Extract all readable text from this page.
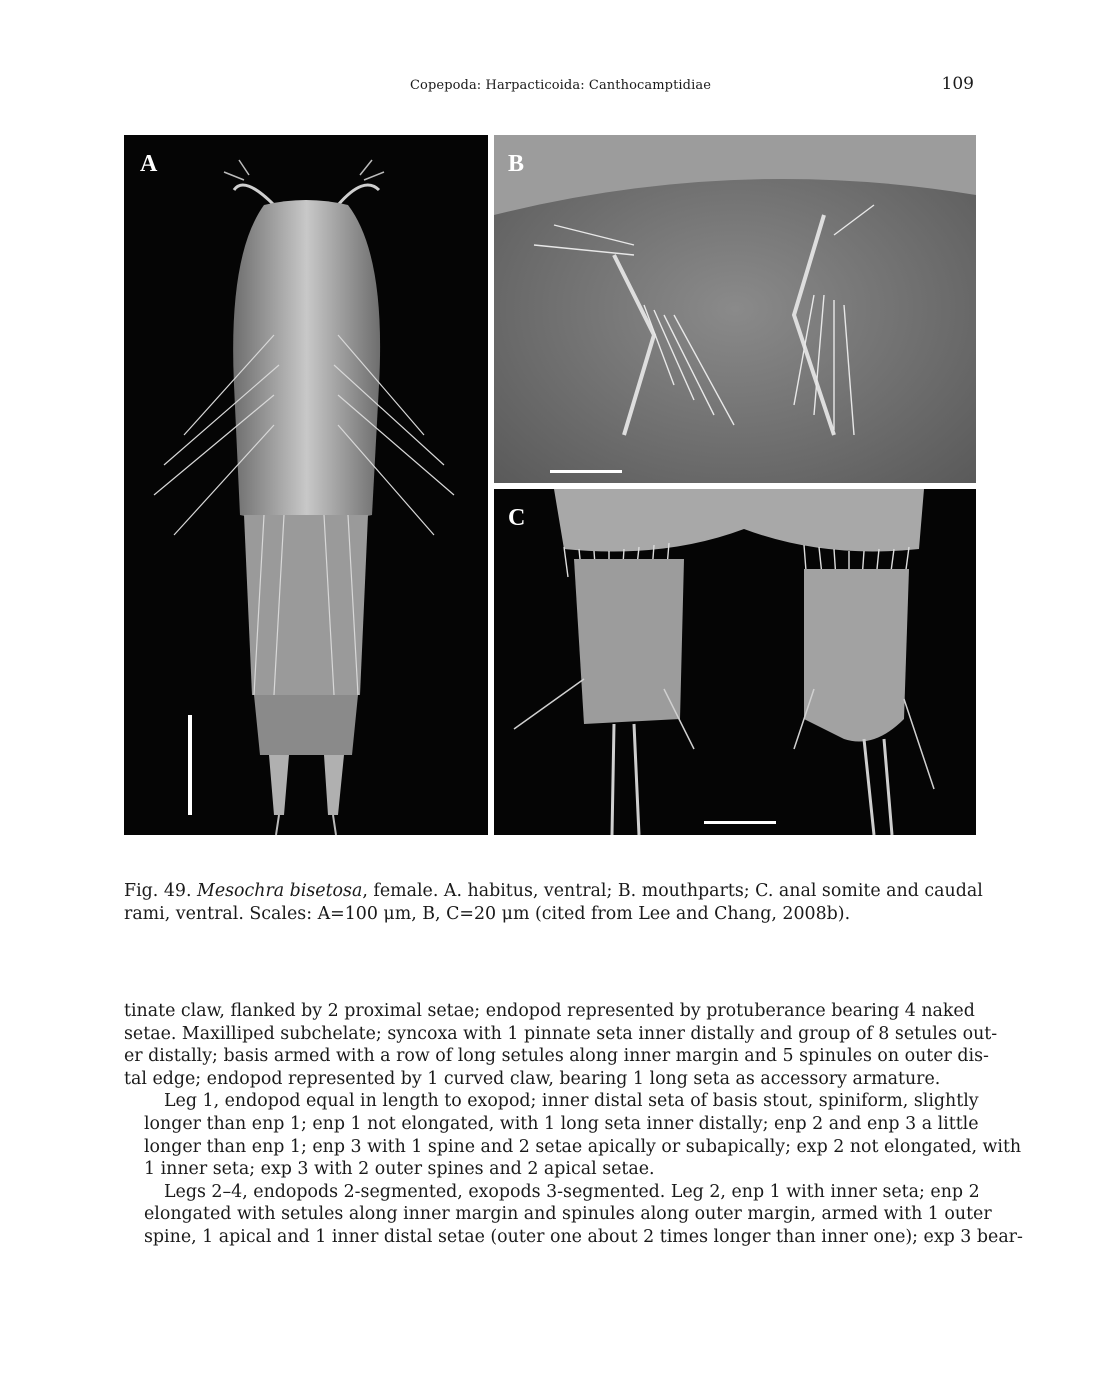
Copepoda: Harpacticoida: Canthocamptidiae	109
A	B
C

Fig. 49. Mesochra bisetosa, female. A. habitus, ventral; B. mouthparts; C. anal somite and caudal
rami, ventral. Scales: A=100 μm, B, C=20 μm (cited from Lee and Chang, 2008b).

tinate claw, flanked by 2 proximal setae; endopod represented by protuberance bearing 4 naked
setae. Maxilliped subchelate; syncoxa with 1 pinnate seta inner distally and group of 8 setules out-
er distally; basis armed with a row of long setules along inner margin and 5 spinules on outer dis-
tal edge; endopod represented by 1 curved claw, bearing 1 long seta as accessory armature.

Leg 1, endopod equal in length to exopod; inner distal seta of basis stout, spiniform, slightly
longer than enp 1; enp 1 not elongated, with 1 long seta inner distally; enp 2 and enp 3 a little
longer than enp 1; enp 3 with 1 spine and 2 setae apically or subapically; exp 2 not elongated, with
1 inner seta; exp 3 with 2 outer spines and 2 apical setae.

Legs 2–4, endopods 2-segmented, exopods 3-segmented. Leg 2, enp 1 with inner seta; enp 2
elongated with setules along inner margin and spinules along outer margin, armed with 1 outer
spine, 1 apical and 1 inner distal setae (outer one about 2 times longer than inner one); exp 3 bear-
